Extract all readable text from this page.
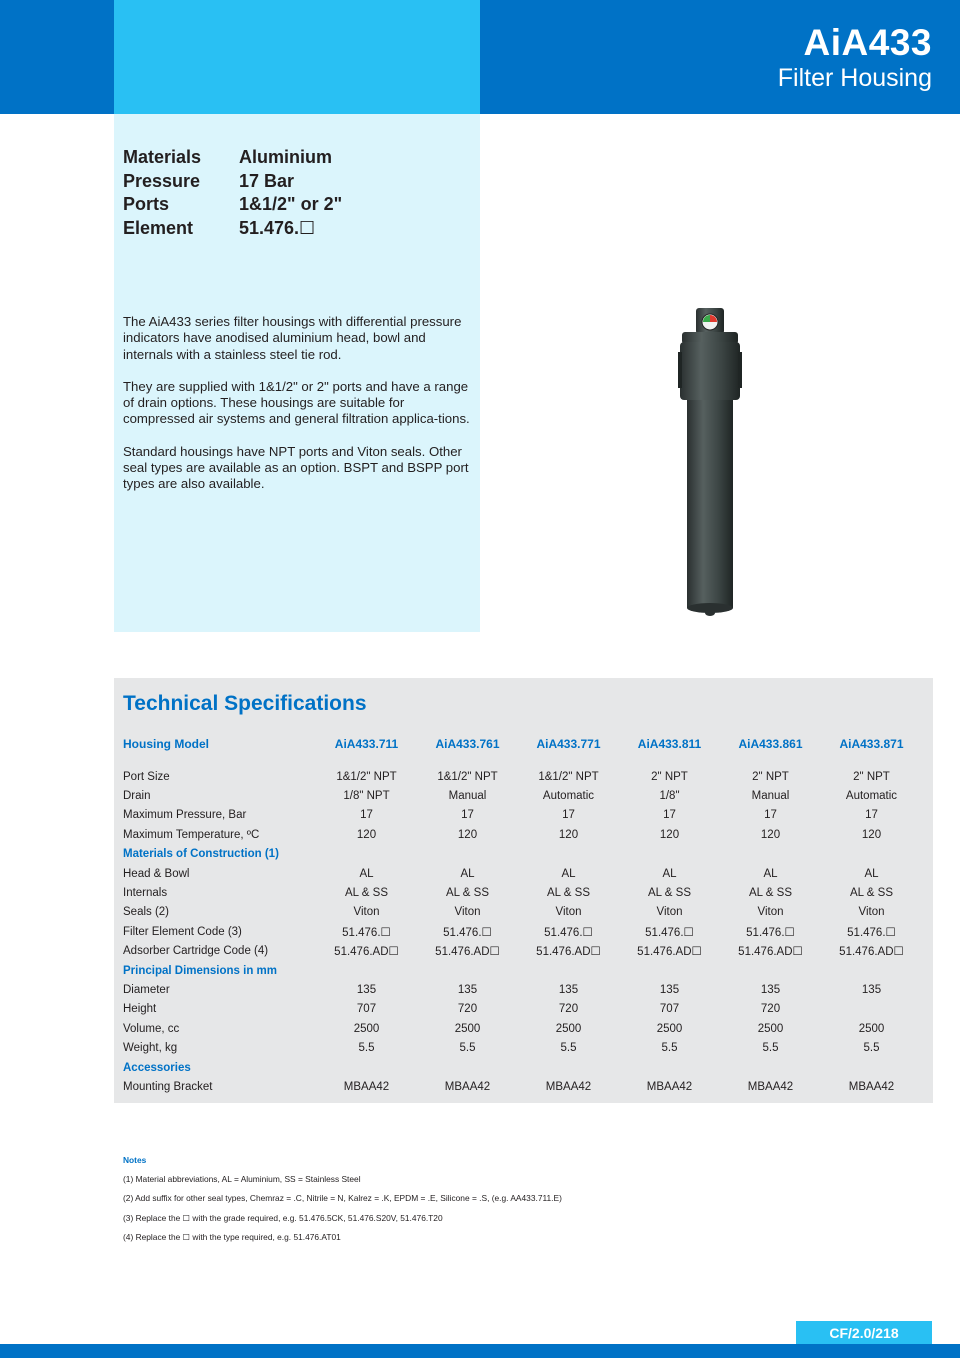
AiA433
Filter Housing
Materials	Aluminium
Pressure	17 Bar
Ports	1&1/2" or 2"
Element	51.476.☐

The AiA433 series filter housings with differential pressure indicators have anodised aluminium head, bowl and internals with a stainless steel tie rod.

They are supplied with 1&1/2" or 2" ports and have a range of drain options. These housings are suitable for compressed air systems and general filtration applica-tions.

Standard housings have NPT ports and Viton seals. Other seal types are available as an option. BSPT and BSPP port types are also available.

Technical Specifications
Housing Model	AiA433.711	AiA433.761	AiA433.771	AiA433.811	AiA433.861	AiA433.871

Port Size	1&1/2" NPT	1&1/2" NPT	1&1/2" NPT	2" NPT	2" NPT	2" NPT
Drain	1/8" NPT	Manual	Automatic	1/8"	Manual	Automatic
Maximum Pressure, Bar	17	17	17	17	17	17
Maximum Temperature, ºC	120	120	120	120	120	120
Materials of Construction (1)						
Head & Bowl	AL	AL	AL	AL	AL	AL
Internals	AL & SS	AL & SS	AL & SS	AL & SS	AL & SS	AL & SS
Seals (2)	Viton	Viton	Viton	Viton	Viton	Viton
Filter Element Code (3)	51.476.☐	51.476.☐	51.476.☐	51.476.☐	51.476.☐	51.476.☐
Adsorber Cartridge Code (4)	51.476.AD☐	51.476.AD☐	51.476.AD☐	51.476.AD☐	51.476.AD☐	51.476.AD☐
Principal Dimensions in mm						
Diameter	135	135	135	135	135	135
Height	707	720	720	707	720	
Volume, cc	2500	2500	2500	2500	2500	2500
Weight, kg	5.5	5.5	5.5	5.5	5.5	5.5
Accessories						
Mounting Bracket	MBAA42	MBAA42	MBAA42	MBAA42	MBAA42	MBAA42
Notes
(1) Material abbreviations, AL = Aluminium, SS = Stainless Steel
(2) Add suffix for other seal types, Chemraz = .C, Nitrile = N, Kalrez = .K, EPDM = .E, Silicone = .S, (e.g. AA433.711.E)
(3) Replace the ☐ with the grade required, e.g. 51.476.5CK, 51.476.S20V, 51.476.T20
(4) Replace the ☐ with the type required, e.g. 51.476.AT01
CF/2.0/218
